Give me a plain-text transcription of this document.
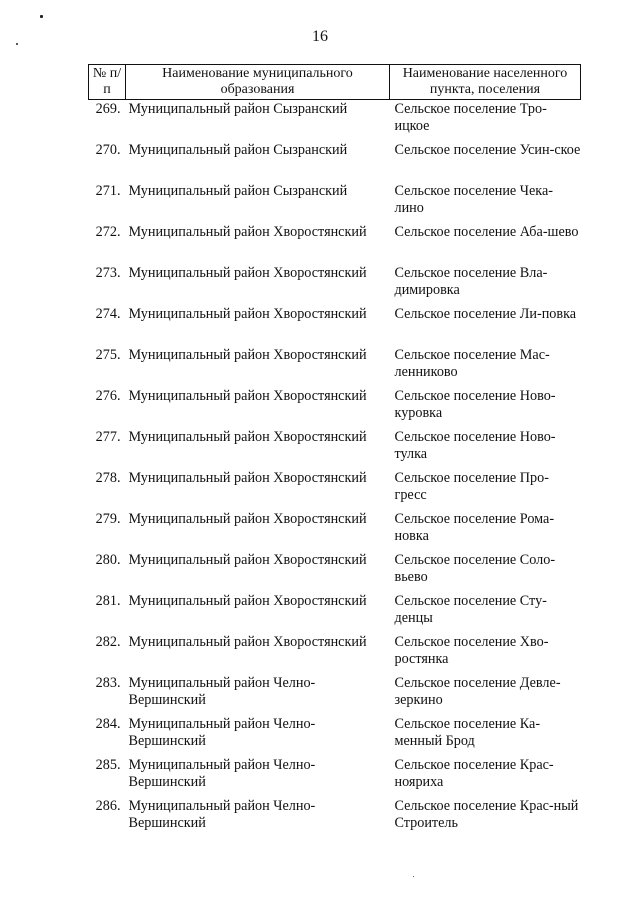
16
№ п/п	Наименование муниципального образования	Наименование населенного пункта, поселения
269.	Муниципальный район Сызранский	Сельское поселение Тро-ицкое
270.	Муниципальный район Сызранский	Сельское поселение Усин-ское
271.	Муниципальный район Сызранский	Сельское поселение Чека-лино
272.	Муниципальный район Хворостянский	Сельское поселение Аба-шево
273.	Муниципальный район Хворостянский	Сельское поселение Вла-димировка
274.	Муниципальный район Хворостянский	Сельское поселение Ли-повка
275.	Муниципальный район Хворостянский	Сельское поселение Мас-ленниково
276.	Муниципальный район Хворостянский	Сельское поселение Ново-куровка
277.	Муниципальный район Хворостянский	Сельское поселение Ново-тулка
278.	Муниципальный район Хворостянский	Сельское поселение Про-гресс
279.	Муниципальный район Хворостянский	Сельское поселение Рома-новка
280.	Муниципальный район Хворостянский	Сельское поселение Соло-вьево
281.	Муниципальный район Хворостянский	Сельское поселение Сту-денцы
282.	Муниципальный район Хворостянский	Сельское поселение Хво-ростянка
283.	Муниципальный район Челно-Вершинский	Сельское поселение Девле-зеркино
284.	Муниципальный район Челно-Вершинский	Сельское поселение Ка-менный Брод
285.	Муниципальный район Челно-Вершинский	Сельское поселение Крас-нояриха
286.	Муниципальный район Челно-Вершинский	Сельское поселение Крас-ный Строитель
